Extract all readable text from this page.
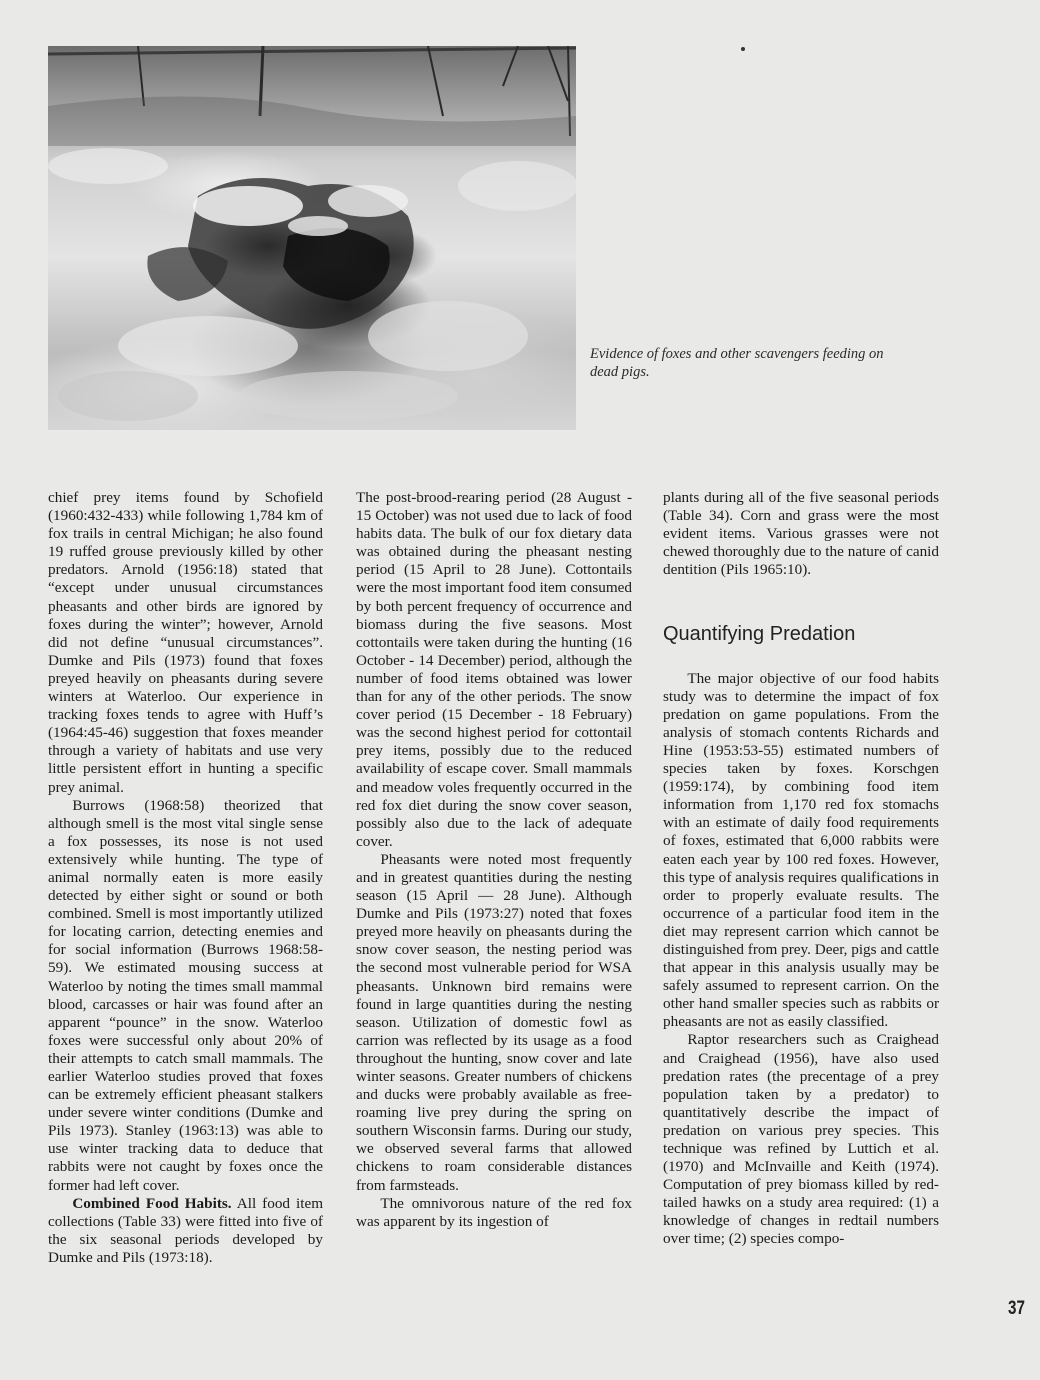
Evidence of foxes and other scavengers feeding on dead pigs.

chief prey items found by Schofield (1960:432-433) while following 1,784 km of fox trails in central Michigan; he also found 19 ruffed grouse previously killed by other predators. Arnold (1956:18) stated that “except under unusual circumstances pheasants and other birds are ignored by foxes during the winter”; however, Arnold did not define “unusual circumstances”. Dumke and Pils (1973) found that foxes preyed heavily on pheasants during severe winters at Waterloo. Our experience in tracking foxes tends to agree with Huff’s (1964:45-46) suggestion that foxes meander through a variety of habitats and use very little persistent effort in hunting a specific prey animal.

Burrows (1968:58) theorized that although smell is the most vital single sense a fox possesses, its nose is not used extensively while hunting. The type of animal normally eaten is more easily detected by either sight or sound or both combined. Smell is most importantly utilized for locating carrion, detecting enemies and for social information (Burrows 1968:58-59). We estimated mousing success at Waterloo by noting the times small mammal blood, carcasses or hair was found after an apparent “pounce” in the snow. Waterloo foxes were successful only about 20% of their attempts to catch small mammals. The earlier Waterloo studies proved that foxes can be extremely efficient pheasant stalkers under severe winter conditions (Dumke and Pils 1973). Stanley (1963:13) was able to use winter tracking data to deduce that rabbits were not caught by foxes once the former had left cover.

Combined Food Habits. All food item collections (Table 33) were fitted into five of the six seasonal periods developed by Dumke and Pils (1973:18).

The post-brood-rearing period (28 August - 15 October) was not used due to lack of food habits data. The bulk of our fox dietary data was obtained during the pheasant nesting period (15 April to 28 June). Cottontails were the most important food item consumed by both percent frequency of occurrence and biomass during the five seasons. Most cottontails were taken during the hunting (16 October - 14 December) period, although the number of food items obtained was lower than for any of the other periods. The snow cover period (15 December - 18 February) was the second highest period for cottontail prey items, possibly due to the reduced availability of escape cover. Small mammals and meadow voles frequently occurred in the red fox diet during the snow cover season, possibly also due to the lack of adequate cover.

Pheasants were noted most frequently and in greatest quantities during the nesting season (15 April — 28 June). Although Dumke and Pils (1973:27) noted that foxes preyed more heavily on pheasants during the snow cover season, the nesting period was the second most vulnerable period for WSA pheasants. Unknown bird remains were found in large quantities during the nesting season. Utilization of domestic fowl as carrion was reflected by its usage as a food throughout the hunting, snow cover and late winter seasons. Greater numbers of chickens and ducks were probably available as free-roaming live prey during the spring on southern Wisconsin farms. During our study, we observed several farms that allowed chickens to roam considerable distances from farmsteads.

The omnivorous nature of the red fox was apparent by its ingestion of

plants during all of the five seasonal periods (Table 34). Corn and grass were the most evident items. Various grasses were not chewed thoroughly due to the nature of canid dentition (Pils 1965:10).

Quantifying Predation

The major objective of our food habits study was to determine the impact of fox predation on game populations. From the analysis of stomach contents Richards and Hine (1953:53-55) estimated numbers of species taken by foxes. Korschgen (1959:174), by combining food item information from 1,170 red fox stomachs with an estimate of daily food requirements of foxes, estimated that 6,000 rabbits were eaten each year by 100 red foxes. However, this type of analysis requires qualifications in order to properly evaluate results. The occurrence of a particular food item in the diet may represent carrion which cannot be distinguished from prey. Deer, pigs and cattle that appear in this analysis usually may be safely assumed to represent carrion. On the other hand smaller species such as rabbits or pheasants are not as easily classified.

Raptor researchers such as Craighead and Craighead (1956), have also used predation rates (the precentage of a prey population taken by a predator) to quantitatively describe the impact of predation on various prey species. This technique was refined by Luttich et al. (1970) and McInvaille and Keith (1974). Computation of prey biomass killed by red-tailed hawks on a study area required: (1) a knowledge of changes in redtail numbers over time; (2) species compo-

37
